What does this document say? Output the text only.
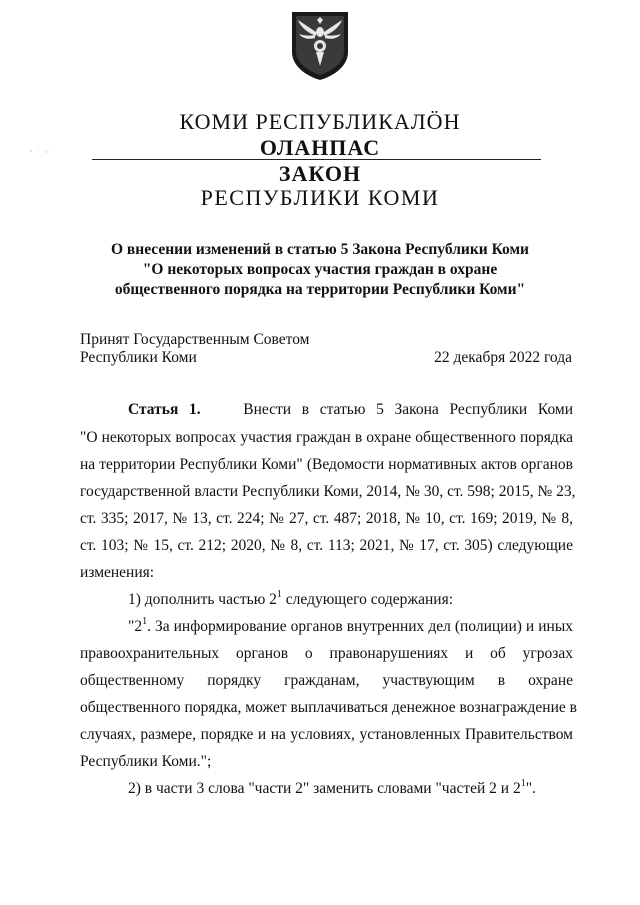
КОМИ РЕСПУБЛИКАЛÖН
ОЛАНПАС
ЗАКОН
РЕСПУБЛИКИ КОМИ
О внесении изменений в статью 5 Закона Республики Коми
"О некоторых вопросах участия граждан в охране
общественного порядка на территории Республики Коми"
Принят Государственным Советом
Республики Коми	22 декабря 2022 года
Статья 1.	Внести в статью 5 Закона Республики Коми
"О некоторых вопросах участия граждан в охране общественного порядка
на территории Республики Коми" (Ведомости нормативных актов органов
государственной власти Республики Коми, 2014, № 30, ст. 598; 2015, № 23,
ст. 335; 2017, № 13, ст. 224; № 27, ст. 487; 2018, № 10, ст. 169; 2019, № 8,
ст. 103; № 15, ст. 212; 2020, № 8, ст. 113; 2021, № 17, ст. 305) следующие
изменения:
1) дополнить частью $2^1$ следующего содержания:
"$2^1$. За информирование органов внутренних дел (полиции) и иных
правоохранительных органов о правонарушениях и об угрозах
общественному порядку гражданам, участвующим в охране
общественного порядка, может выплачиваться денежное вознаграждение в
случаях, размере, порядке и на условиях, установленных Правительством
Республики Коми.";
2) в части 3 слова "части 2" заменить словами "частей 2 и $2^1$".
